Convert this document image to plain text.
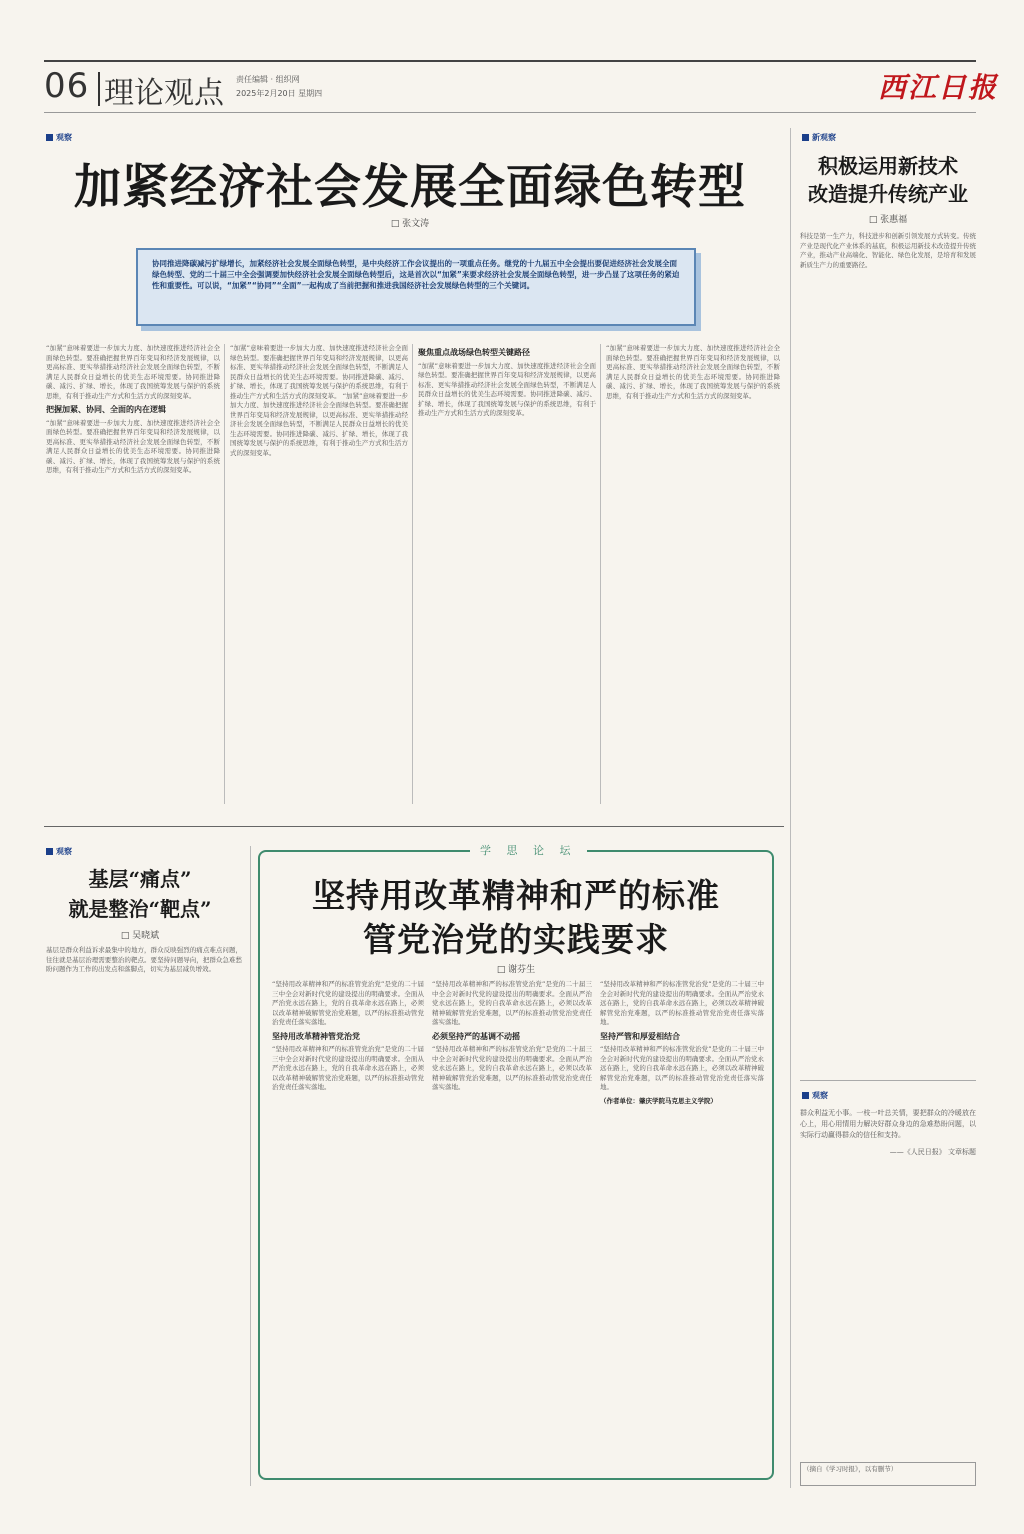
06 理论观点 责任编辑 · 组织网
2025年2月20日 星期四	西江日报
观察
加紧经济社会发展全面绿色转型
□ 张文涛
协同推进降碳减污扩绿增长，加紧经济社会发展全面绿色转型，是中央经济工作会议提出的一项重点任务。继党的十九届五中全会提出要促进经济社会发展全面绿色转型、党的二十届三中全会强调要加快经济社会发展全面绿色转型后，这是首次以“加紧”来要求经济社会发展全面绿色转型，进一步凸显了这项任务的紧迫性和重要性。可以说，“加紧”“协同”“全面”一起构成了当前把握和推进我国经济社会发展绿色转型的三个关键词。
“加紧”意味着要进一步加大力度、加快速度推进经济社会全面绿色转型。要准确把握世界百年变局和经济发展规律，以更高标准、更实举措推动经济社会发展全面绿色转型，不断满足人民群众日益增长的优美生态环境需要。协同推进降碳、减污、扩绿、增长，体现了我国统筹发展与保护的系统思维，有利于推动生产方式和生活方式的深刻变革。
把握加紧、协同、全面的内在逻辑
“加紧”意味着要进一步加大力度、加快速度推进经济社会全面绿色转型。要准确把握世界百年变局和经济发展规律，以更高标准、更实举措推动经济社会发展全面绿色转型，不断满足人民群众日益增长的优美生态环境需要。协同推进降碳、减污、扩绿、增长，体现了我国统筹发展与保护的系统思维，有利于推动生产方式和生活方式的深刻变革。
“加紧”意味着要进一步加大力度、加快速度推进经济社会全面绿色转型。要准确把握世界百年变局和经济发展规律，以更高标准、更实举措推动经济社会发展全面绿色转型，不断满足人民群众日益增长的优美生态环境需要。协同推进降碳、减污、扩绿、增长，体现了我国统筹发展与保护的系统思维，有利于推动生产方式和生活方式的深刻变革。 “加紧”意味着要进一步加大力度、加快速度推进经济社会全面绿色转型。要准确把握世界百年变局和经济发展规律，以更高标准、更实举措推动经济社会发展全面绿色转型，不断满足人民群众日益增长的优美生态环境需要。协同推进降碳、减污、扩绿、增长，体现了我国统筹发展与保护的系统思维，有利于推动生产方式和生活方式的深刻变革。
聚焦重点战场绿色转型关键路径
“加紧”意味着要进一步加大力度、加快速度推进经济社会全面绿色转型。要准确把握世界百年变局和经济发展规律，以更高标准、更实举措推动经济社会发展全面绿色转型，不断满足人民群众日益增长的优美生态环境需要。协同推进降碳、减污、扩绿、增长，体现了我国统筹发展与保护的系统思维，有利于推动生产方式和生活方式的深刻变革。
“加紧”意味着要进一步加大力度、加快速度推进经济社会全面绿色转型。要准确把握世界百年变局和经济发展规律，以更高标准、更实举措推动经济社会发展全面绿色转型，不断满足人民群众日益增长的优美生态环境需要。协同推进降碳、减污、扩绿、增长，体现了我国统筹发展与保护的系统思维，有利于推动生产方式和生活方式的深刻变革。
新观察
积极运用新技术
改造提升传统产业
□ 张惠福
科技是第一生产力，科技进步和创新引领发展方式转变。传统产业是现代化产业体系的基底，积极运用新技术改造提升传统产业，推动产业高端化、智能化、绿色化发展，是培育和发展新质生产力的重要路径。
观察
群众利益无小事。一枝一叶总关情，要把群众的冷暖放在心上，用心用情用力解决好群众身边的急难愁盼问题，以实际行动赢得群众的信任和支持。
——《人民日报》 文章标题
（摘自《学习时报》，以有删节）
观察
基层“痛点”
就是整治“靶点”
□ 吴晓斌
基层是群众利益诉求最集中的地方，群众反映强烈的痛点难点问题，往往就是基层治理需要整治的靶点。要坚持问题导向，把群众急难愁盼问题作为工作的出发点和落脚点，切实为基层减负增效。
学 思 论 坛
坚持用改革精神和严的标准
管党治党的实践要求
□ 谢芬生
“坚持用改革精神和严的标准管党治党”是党的二十届三中全会对新时代党的建设提出的明确要求。全面从严治党永远在路上，党的自我革命永远在路上，必须以改革精神破解管党治党难题，以严的标准推动管党治党责任落实落地。
坚持用改革精神管党治党
“坚持用改革精神和严的标准管党治党”是党的二十届三中全会对新时代党的建设提出的明确要求。全面从严治党永远在路上，党的自我革命永远在路上，必须以改革精神破解管党治党难题，以严的标准推动管党治党责任落实落地。
“坚持用改革精神和严的标准管党治党”是党的二十届三中全会对新时代党的建设提出的明确要求。全面从严治党永远在路上，党的自我革命永远在路上，必须以改革精神破解管党治党难题，以严的标准推动管党治党责任落实落地。
必须坚持严的基调不动摇
“坚持用改革精神和严的标准管党治党”是党的二十届三中全会对新时代党的建设提出的明确要求。全面从严治党永远在路上，党的自我革命永远在路上，必须以改革精神破解管党治党难题，以严的标准推动管党治党责任落实落地。
“坚持用改革精神和严的标准管党治党”是党的二十届三中全会对新时代党的建设提出的明确要求。全面从严治党永远在路上，党的自我革命永远在路上，必须以改革精神破解管党治党难题，以严的标准推动管党治党责任落实落地。
坚持严管和厚爱相结合
“坚持用改革精神和严的标准管党治党”是党的二十届三中全会对新时代党的建设提出的明确要求。全面从严治党永远在路上，党的自我革命永远在路上，必须以改革精神破解管党治党难题，以严的标准推动管党治党责任落实落地。
（作者单位：肇庆学院马克思主义学院）
